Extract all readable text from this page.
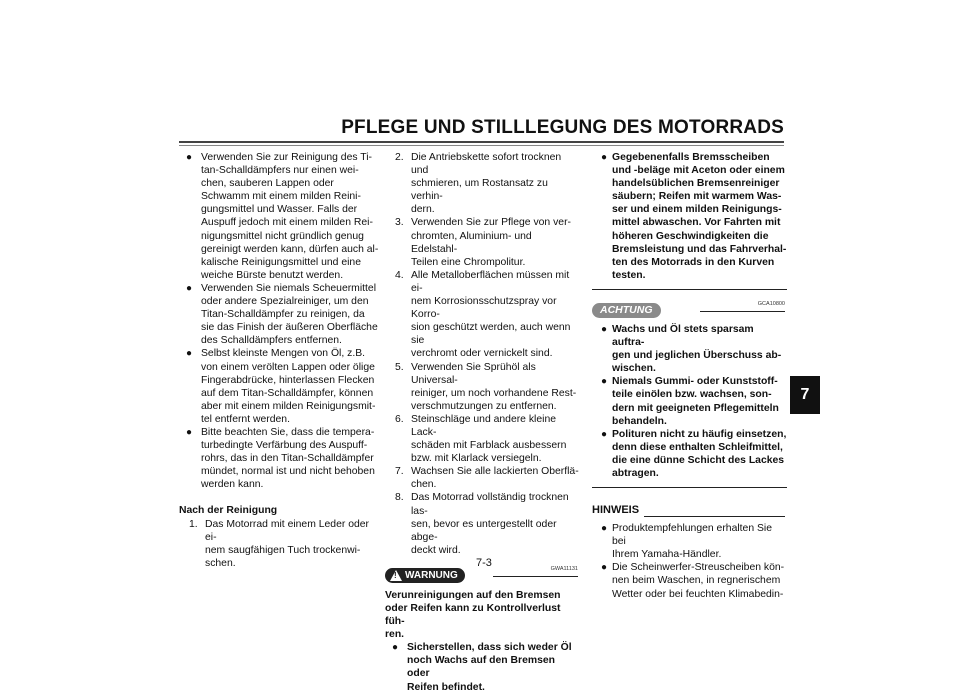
PFLEGE UND STILLLEGUNG DES MOTORRADS
7
7-3

● Verwenden Sie zur Reinigung des Ti-
tan-Schalldämpfers nur einen wei-
chen, sauberen Lappen oder
Schwamm mit einem milden Reini-
gungsmittel und Wasser. Falls der
Auspuff jedoch mit einem milden Rei-
nigungsmittel nicht gründlich genug
gereinigt werden kann, dürfen auch al-
kalische Reinigungsmittel und eine
weiche Bürste benutzt werden.

● Verwenden Sie niemals Scheuermittel
oder andere Spezialreiniger, um den
Titan-Schalldämpfer zu reinigen, da
sie das Finish der äußeren Oberfläche
des Schalldämpfers entfernen.

● Selbst kleinste Mengen von Öl, z.B.
von einem verölten Lappen oder ölige
Fingerabdrücke, hinterlassen Flecken
auf dem Titan-Schalldämpfer, können
aber mit einem milden Reinigungsmit-
tel entfernt werden.

● Bitte beachten Sie, dass die tempera-
turbedingte Verfärbung des Auspuff-
rohrs, das in den Titan-Schalldämpfer
mündet, normal ist und nicht behoben
werden kann.

Nach der Reinigung

1. Das Motorrad mit einem Leder oder ei-
nem saugfähigen Tuch trockenwi-
schen.

2. Die Antriebskette sofort trocknen und
schmieren, um Rostansatz zu verhin-
dern.

3. Verwenden Sie zur Pflege von ver-
chromten, Aluminium- und Edelstahl-
Teilen eine Chrompolitur.

4. Alle Metalloberflächen müssen mit ei-
nem Korrosionsschutzspray vor Korro-
sion geschützt werden, auch wenn sie
verchromt oder vernickelt sind.

5. Verwenden Sie Sprühöl als Universal-
reiniger, um noch vorhandene Rest-
verschmutzungen zu entfernen.

6. Steinschläge und andere kleine Lack-
schäden mit Farblack ausbessern
bzw. mit Klarlack versiegeln.

7. Wachsen Sie alle lackierten Oberflä-
chen.

8. Das Motorrad vollständig trocknen las-
sen, bevor es untergestellt oder abge-
deckt wird.

! WARNUNG
GWA11131
Verunreinigungen auf den Bremsen
oder Reifen kann zu Kontrollverlust füh-
ren.

● Sicherstellen, dass sich weder Öl
noch Wachs auf den Bremsen oder
Reifen befindet.

● Gegebenenfalls Bremsscheiben
und -beläge mit Aceton oder einem
handelsüblichen Bremsenreiniger
säubern; Reifen mit warmem Was-
ser und einem milden Reinigungs-
mittel abwaschen. Vor Fahrten mit
höheren Geschwindigkeiten die
Bremsleistung und das Fahrverhal-
ten des Motorrads in den Kurven
testen.

ACHTUNG	GCA10800

● Wachs und Öl stets sparsam auftra-
gen und jeglichen Überschuss ab-
wischen.

● Niemals Gummi- oder Kunststoff-
teile einölen bzw. wachsen, son-
dern mit geeigneten Pflegemitteln
behandeln.

● Polituren nicht zu häufig einsetzen,
denn diese enthalten Schleifmittel,
die eine dünne Schicht des Lackes
abtragen.

HINWEIS

● Produktempfehlungen erhalten Sie bei
Ihrem Yamaha-Händler.

● Die Scheinwerfer-Streuscheiben kön-
nen beim Waschen, in regnerischem
Wetter oder bei feuchten Klimabedin-
